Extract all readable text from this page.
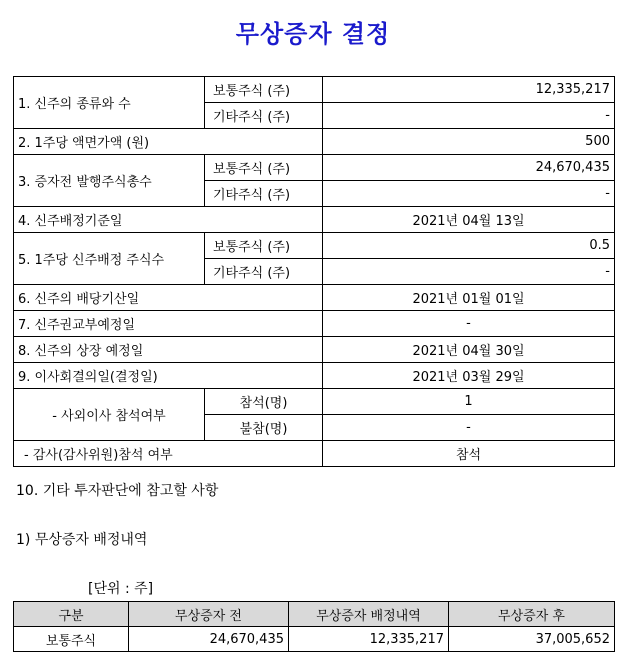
무상증자 결정
1. 신주의 종류와 수	보통주식 (주)	12,335,217
	기타주식 (주)	-
2. 1주당 액면가액 (원)		500
3. 증자전 발행주식총수	보통주식 (주)	24,670,435
	기타주식 (주)	-
4. 신주배정기준일		2021년 04월 13일
5. 1주당 신주배정 주식수	보통주식 (주)	0.5
	기타주식 (주)	-
6. 신주의 배당기산일		2021년 01월 01일
7. 신주권교부예정일		-
8. 신주의 상장 예정일		2021년 04월 30일
9. 이사회결의일(결정일)		2021년 03월 29일
- 사외이사 참석여부	참석(명)	1
	불참(명)	-
- 감사(감사위원)참석 여부		참석
10. 기타 투자판단에 참고할 사항
1) 무상증자 배정내역
[단위 : 주]
구분	무상증자 전	무상증자 배정내역	무상증자 후
보통주식	24,670,435	12,335,217	37,005,652
